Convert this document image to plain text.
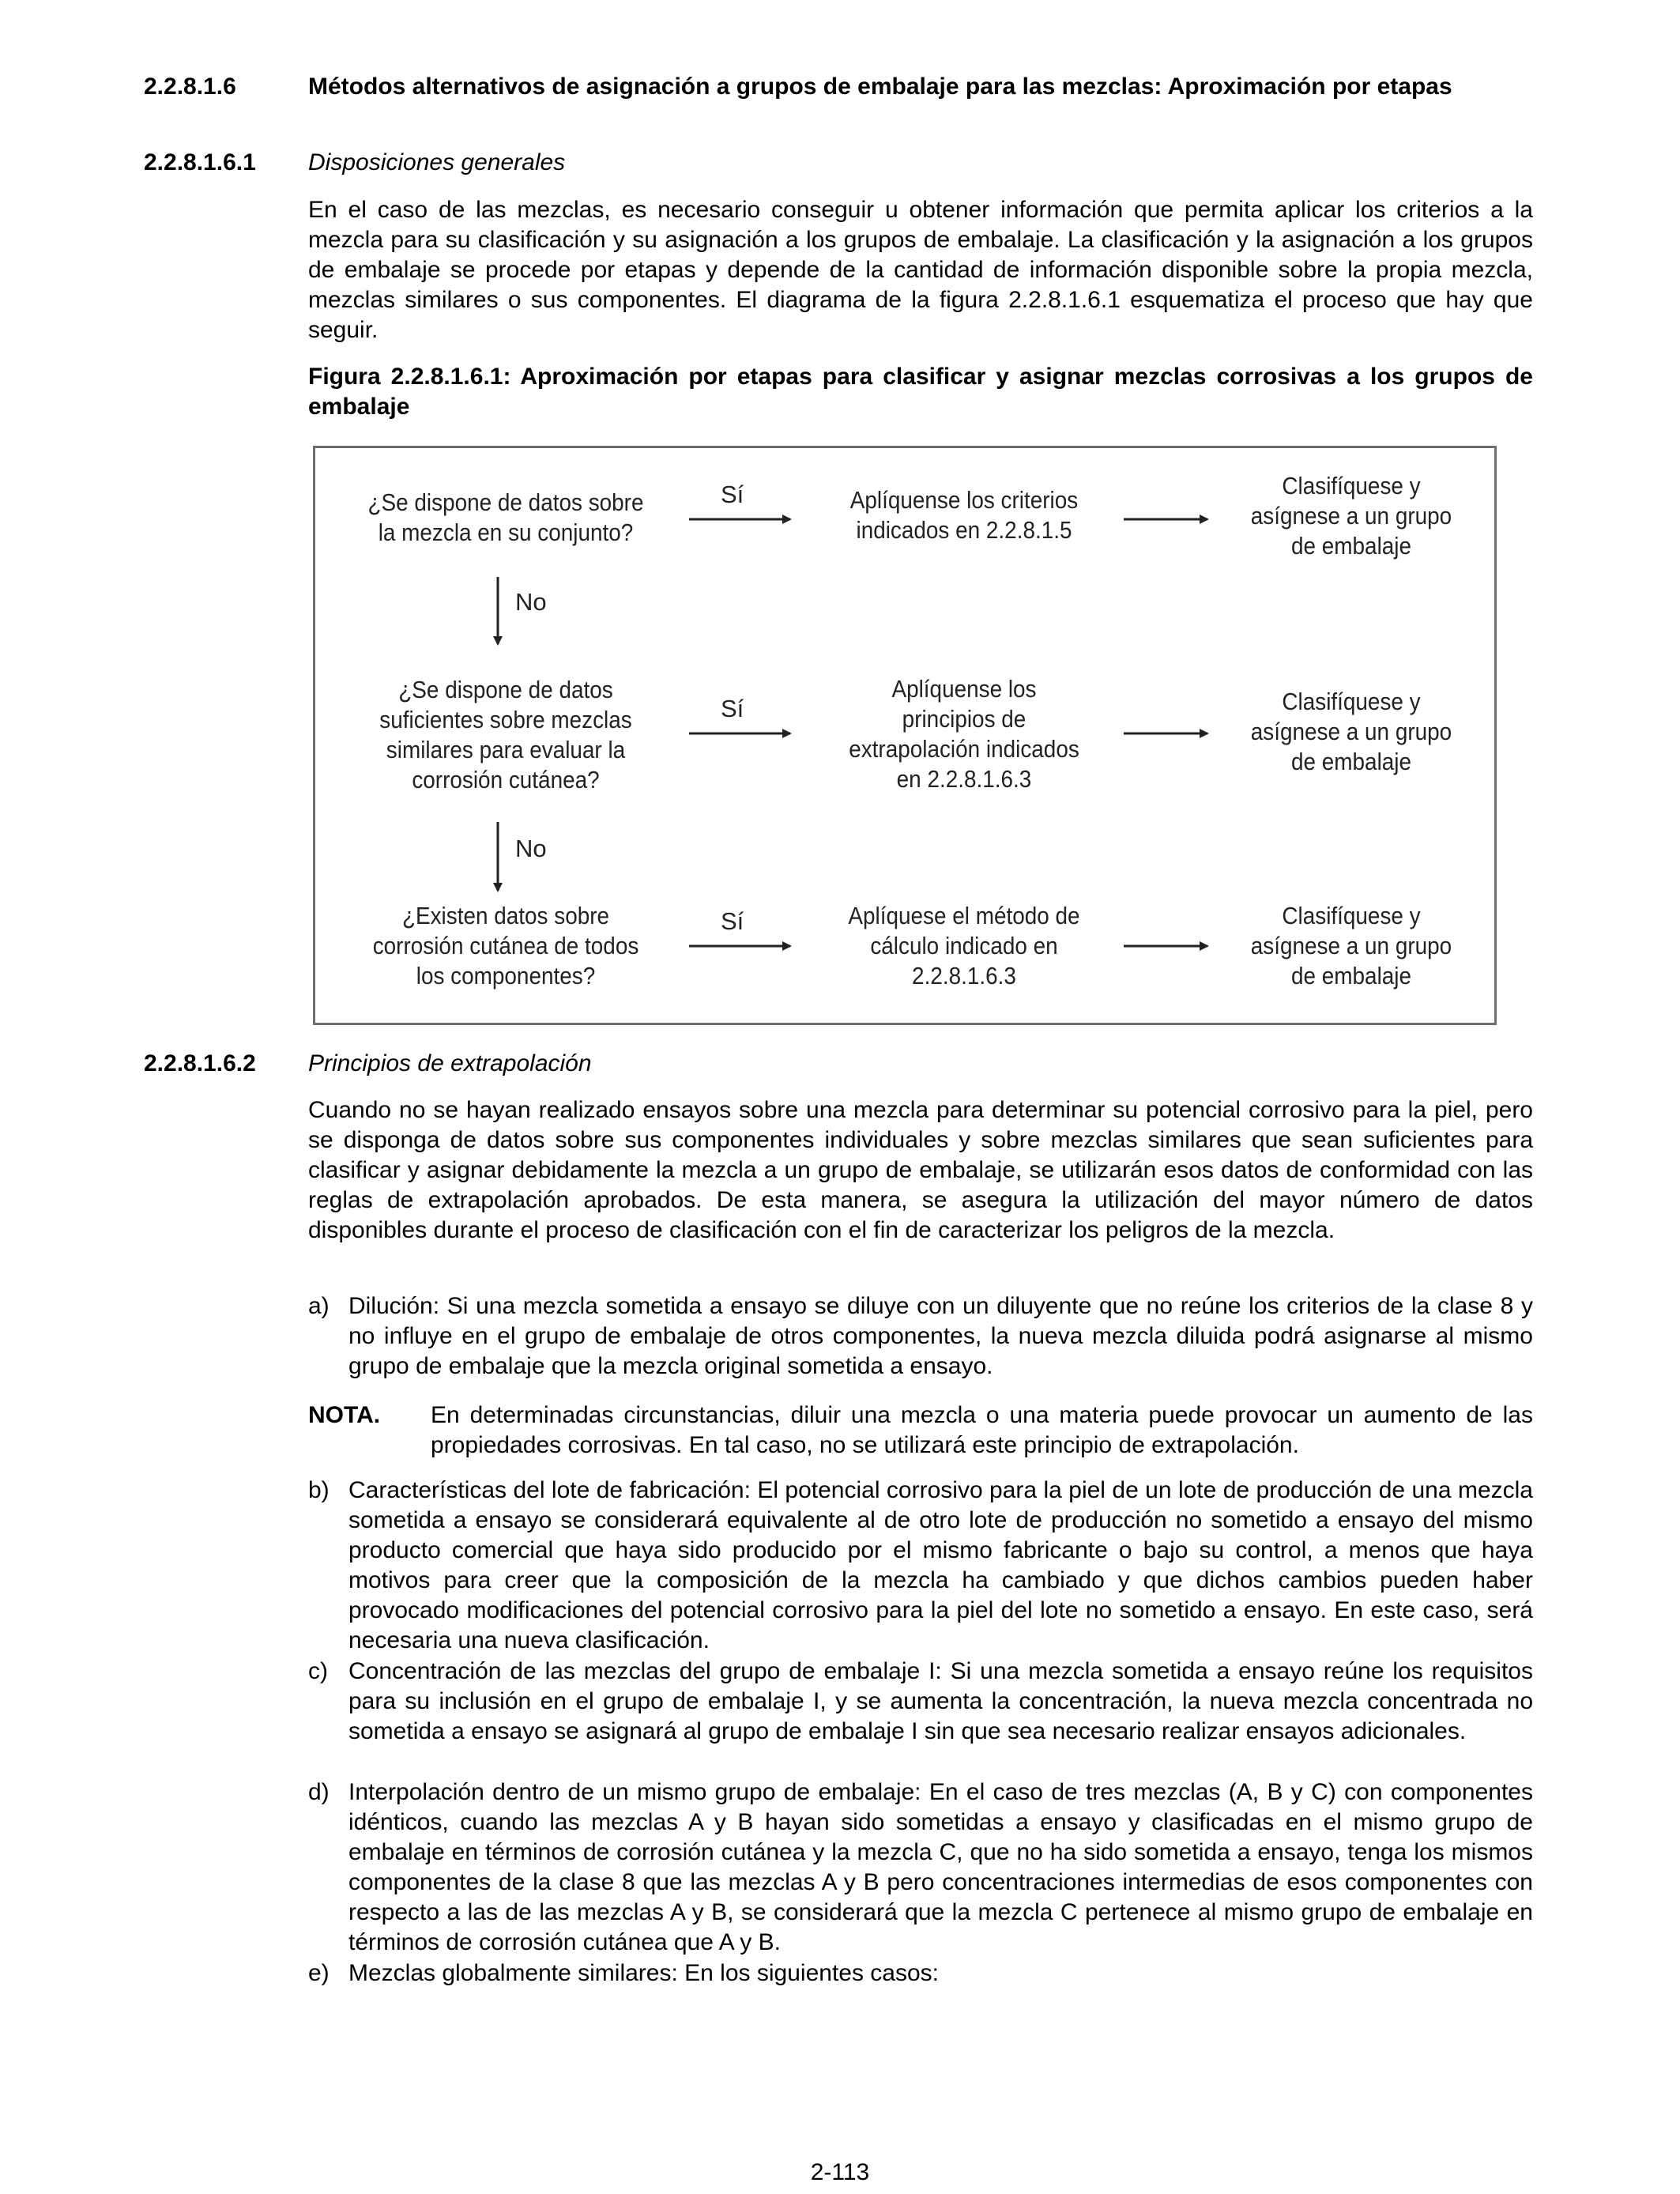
2.2.8.1.6	Métodos alternativos de asignación a grupos de embalaje para las mezclas: Aproximación por etapas
2.2.8.1.6.1 Disposiciones generales
En el caso de las mezclas, es necesario conseguir u obtener información que permita aplicar los criterios a la mezcla para su clasificación y su asignación a los grupos de embalaje. La clasificación y la asignación a los grupos de embalaje se procede por etapas y depende de la cantidad de información disponible sobre la propia mezcla, mezclas similares o sus componentes. El diagrama de la figura 2.2.8.1.6.1 esquematiza el proceso que hay que seguir.
Figura 2.2.8.1.6.1: Aproximación por etapas para clasificar y asignar mezclas corrosivas a los grupos de embalaje
¿Se dispone de datos sobre
la mezcla en su conjunto?
Sí	Aplíquense los criterios
indicados en 2.2.8.1.5
Clasifíquese y
asígnese a un grupo
de embalaje
No
¿Se dispone de datos
suficientes sobre mezclas
similares para evaluar la
corrosión cutánea?
Sí
Aplíquense los
principios de
extrapolación indicados
en 2.2.8.1.6.3
Clasifíquese y
asígnese a un grupo
de embalaje
No
¿Existen datos sobre
corrosión cutánea de todos
los componentes?
Sí	Aplíquese el método de
cálculo indicado en
2.2.8.1.6.3
Clasifíquese y
asígnese a un grupo
de embalaje
2.2.8.1.6.2 Principios de extrapolación
Cuando no se hayan realizado ensayos sobre una mezcla para determinar su potencial corrosivo para la piel, pero se disponga de datos sobre sus componentes individuales y sobre mezclas similares que sean suficientes para clasificar y asignar debidamente la mezcla a un grupo de embalaje, se utilizarán esos datos de conformidad con las reglas de extrapolación aprobados. De esta manera, se asegura la utilización del mayor número de datos disponibles durante el proceso de clasificación con el fin de caracterizar los peligros de la mezcla.
a) Dilución: Si una mezcla sometida a ensayo se diluye con un diluyente que no reúne los criterios de la clase 8 y no influye en el grupo de embalaje de otros componentes, la nueva mezcla diluida podrá asignarse al mismo grupo de embalaje que la mezcla original sometida a ensayo.
NOTA. En determinadas circunstancias, diluir una mezcla o una materia puede provocar un aumento de las propiedades corrosivas. En tal caso, no se utilizará este principio de extrapolación.
b) Características del lote de fabricación: El potencial corrosivo para la piel de un lote de producción de una mezcla sometida a ensayo se considerará equivalente al de otro lote de producción no sometido a ensayo del mismo producto comercial que haya sido producido por el mismo fabricante o bajo su control, a menos que haya motivos para creer que la composición de la mezcla ha cambiado y que dichos cambios pueden haber provocado modificaciones del potencial corrosivo para la piel del lote no sometido a ensayo. En este caso, será necesaria una nueva clasificación.
c) Concentración de las mezclas del grupo de embalaje I: Si una mezcla sometida a ensayo reúne los requisitos para su inclusión en el grupo de embalaje I, y se aumenta la concentración, la nueva mezcla concentrada no sometida a ensayo se asignará al grupo de embalaje I sin que sea necesario realizar ensayos adicionales.
d) Interpolación dentro de un mismo grupo de embalaje: En el caso de tres mezclas (A, B y C) con componentes idénticos, cuando las mezclas A y B hayan sido sometidas a ensayo y clasificadas en el mismo grupo de embalaje en términos de corrosión cutánea y la mezcla C, que no ha sido sometida a ensayo, tenga los mismos componentes de la clase 8 que las mezclas A y B pero concentraciones intermedias de esos componentes con respecto a las de las mezclas A y B, se considerará que la mezcla C pertenece al mismo grupo de embalaje en términos de corrosión cutánea que A y B.
e) Mezclas globalmente similares: En los siguientes casos:
2-113
